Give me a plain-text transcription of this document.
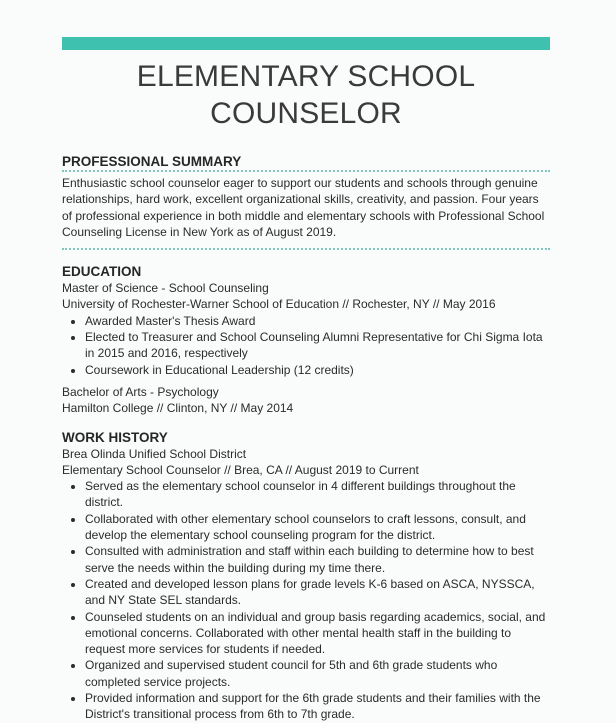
ELEMENTARY SCHOOL
COUNSELOR
PROFESSIONAL SUMMARY
Enthusiastic school counselor eager to support our students and schools through genuine relationships, hard work, excellent organizational skills, creativity, and passion. Four years of professional experience in both middle and elementary schools with Professional School Counseling License in New York as of August 2019.
EDUCATION
Master of Science - School Counseling
University of Rochester-Warner School of Education // Rochester, NY // May 2016
• Awarded Master's Thesis Award
• Elected to Treasurer and School Counseling Alumni Representative for Chi Sigma Iota in 2015 and 2016, respectively
• Coursework in Educational Leadership (12 credits)
Bachelor of Arts - Psychology
Hamilton College // Clinton, NY // May 2014
WORK HISTORY
Brea Olinda Unified School District
Elementary School Counselor // Brea, CA // August 2019 to Current
• Served as the elementary school counselor in 4 different buildings throughout the district.
• Collaborated with other elementary school counselors to craft lessons, consult, and develop the elementary school counseling program for the district.
• Consulted with administration and staff within each building to determine how to best serve the needs within the building during my time there.
• Created and developed lesson plans for grade levels K-6 based on ASCA, NYSSCA, and NY State SEL standards.
• Counseled students on an individual and group basis regarding academics, social, and emotional concerns. Collaborated with other mental health staff in the building to request more services for students if needed.
• Organized and supervised student council for 5th and 6th grade students who completed service projects.
• Provided information and support for the 6th grade students and their families with the District's transitional process from 6th to 7th grade.
